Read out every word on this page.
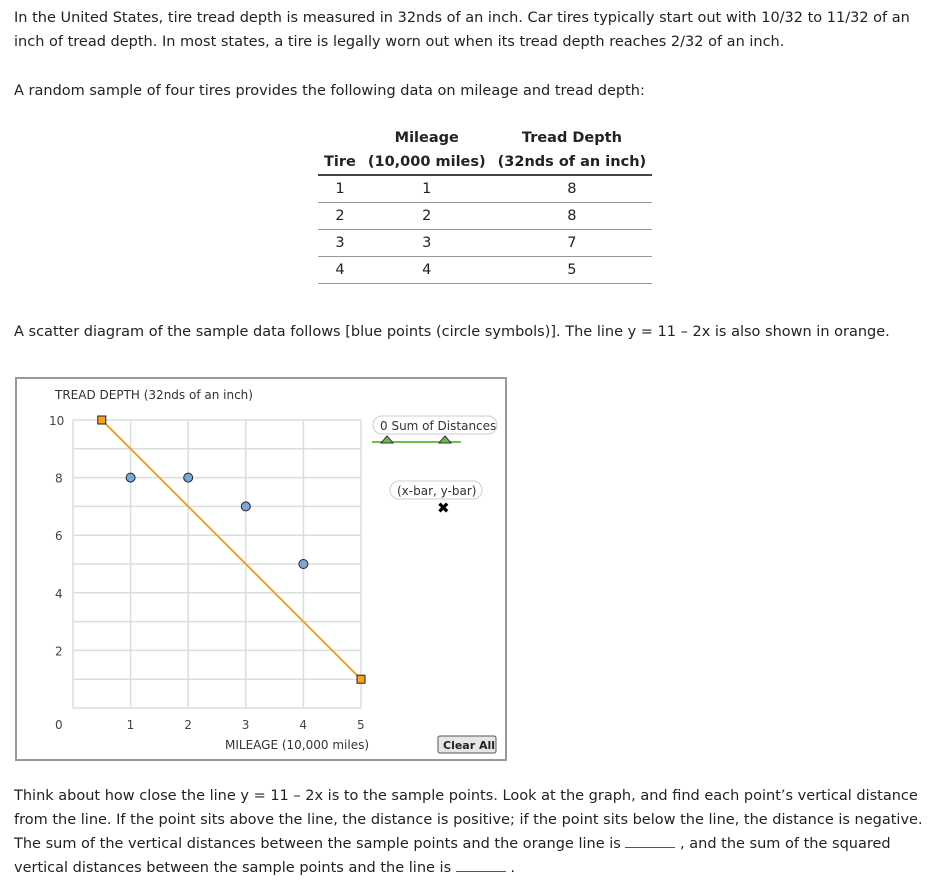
In the United States, tire tread depth is measured in 32nds of an inch. Car tires typically start out with 10/32 to 11/32 of an inch of tread depth. In most states, a tire is legally worn out when its tread depth reaches 2/32 of an inch.

A random sample of four tires provides the following data on mileage and tread depth:

	Mileage	Tread Depth
Tire	(10,000 miles)	(32nds of an inch)
1	1	8
2	2	8
3	3	7
4	4	5

A scatter diagram of the sample data follows [blue points (circle symbols)]. The line y = 11 – 2x is also shown in orange.

TREAD DEPTH (32nds of an inch)
MILEAGE (10,000 miles)
0	1	2	3	4	5
2
4
6
8
10	0 Sum of Distances
(x-bar, y-bar)
✖
Clear All

Think about how close the line y = 11 – 2x is to the sample points. Look at the graph, and find each point’s vertical distance from the line. If the point sits above the line, the distance is positive; if the point sits below the line, the distance is negative. The sum of the vertical distances between the sample points and the orange line is	, and the sum of the squared vertical distances between the sample points and the line is	.
